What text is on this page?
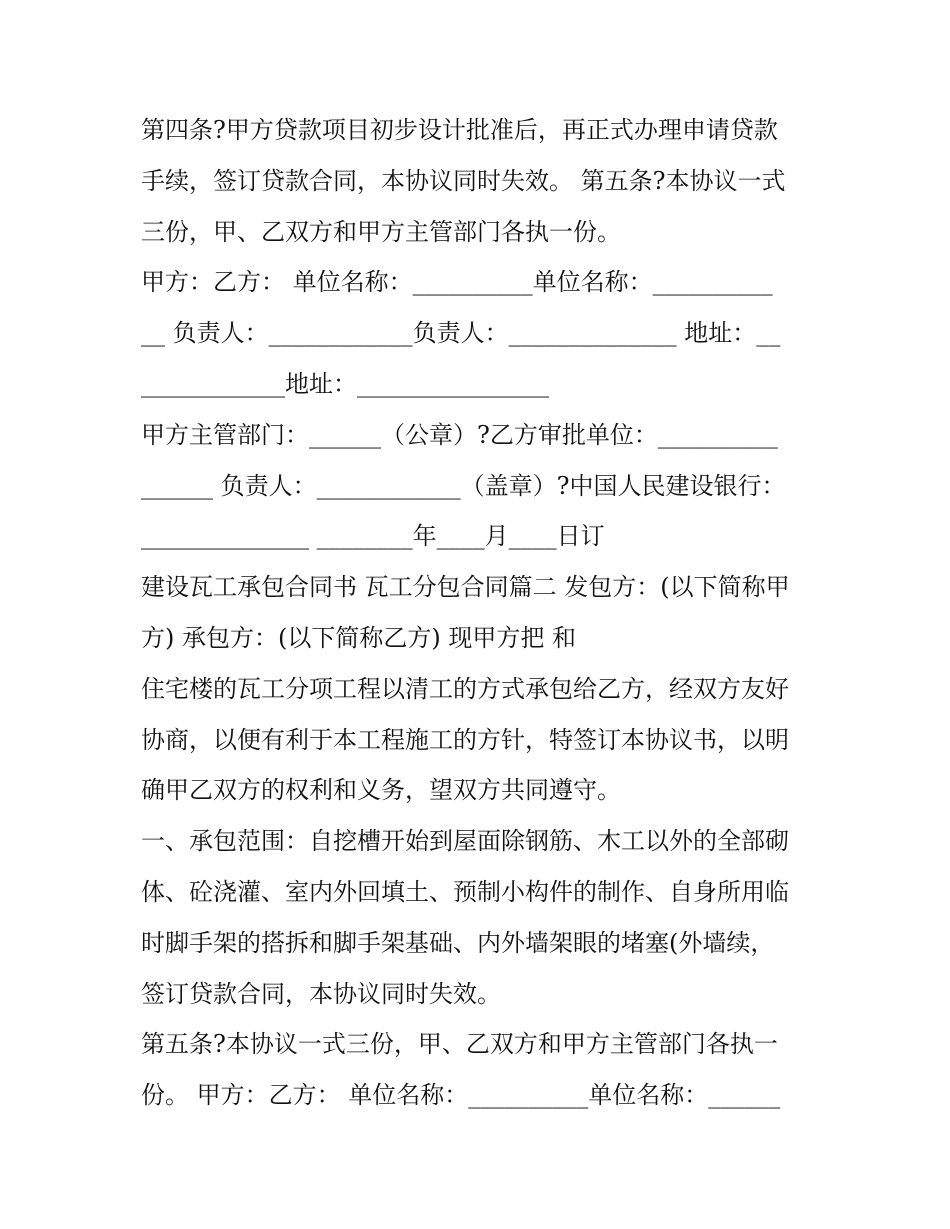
第四条?甲方贷款项目初步设计批准后，再正式办理申请贷款
手续，签订贷款合同，本协议同时失效。 第五条?本协议一式
三份，甲、乙双方和甲方主管部门各执一份。
甲方：乙方： 单位名称：__________单位名称：__________
__ 负责人：____________负责人：______________ 地址：__
____________地址：________________
甲方主管部门：______（公章）?乙方审批单位：__________
______ 负责人：____________（盖章）?中国人民建设银行：
______________ ________年____月____日订
建设瓦工承包合同书 瓦工分包合同篇二 发包方：(以下简称甲
方) 承包方：(以下简称乙方) 现甲方把 和
住宅楼的瓦工分项工程以清工的方式承包给乙方，经双方友好
协商，以便有利于本工程施工的方针，特签订本协议书，以明
确甲乙双方的权利和义务，望双方共同遵守。
一、承包范围：自挖槽开始到屋面除钢筋、木工以外的全部砌
体、砼浇灌、室内外回填土、预制小构件的制作、自身所用临
时脚手架的搭拆和脚手架基础、内外墙架眼的堵塞(外墙续，
签订贷款合同，本协议同时失效。
第五条?本协议一式三份，甲、乙双方和甲方主管部门各执一
份。 甲方：乙方： 单位名称：__________单位名称：______
